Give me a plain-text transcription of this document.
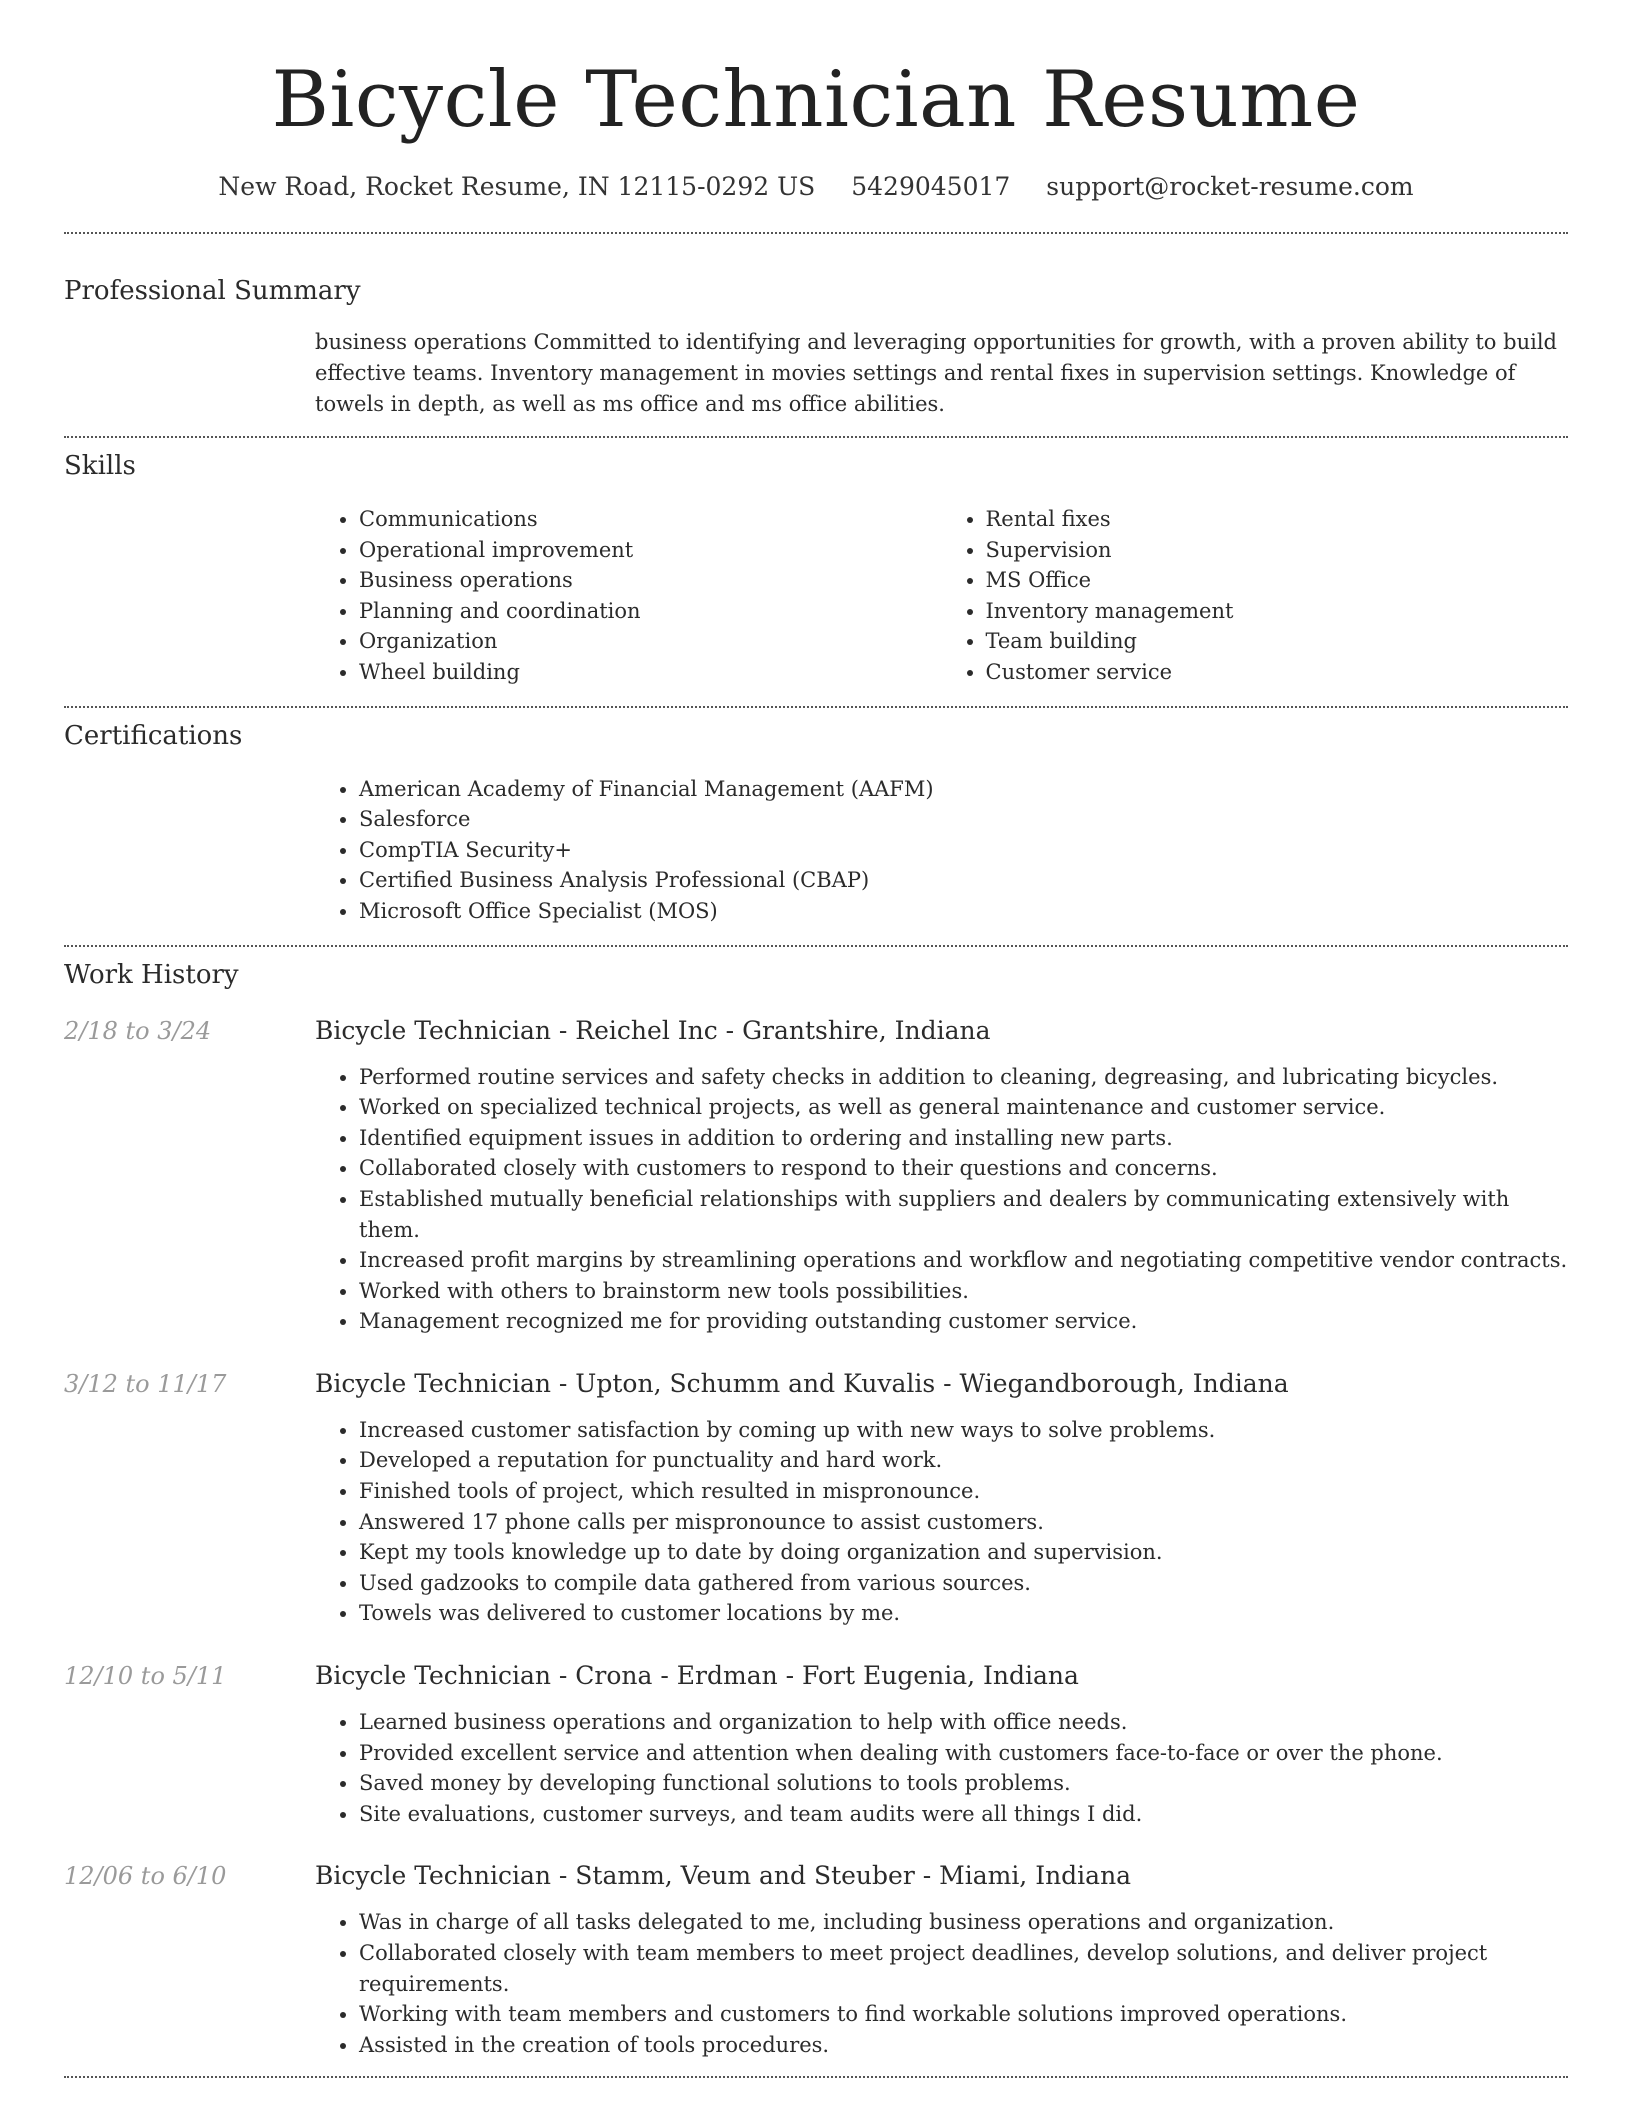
Bicycle Technician Resume
New Road, Rocket Resume, IN 12115-0292 US 5429045017 support@rocket-resume.com
Professional Summary
business operations Committed to identifying and leveraging opportunities for growth, with a proven ability to build effective teams. Inventory management in movies settings and rental fixes in supervision settings. Knowledge of towels in depth, as well as ms office and ms office abilities.
Skills
• Communications
• Operational improvement
• Business operations
• Planning and coordination
• Organization
• Wheel building
• Rental fixes
• Supervision
• MS Office
• Inventory management
• Team building
• Customer service
Certifications
• American Academy of Financial Management (AAFM)
• Salesforce
• CompTIA Security+
• Certified Business Analysis Professional (CBAP)
• Microsoft Office Specialist (MOS)
Work History
2/18 to 3/24	Bicycle Technician - Reichel Inc - Grantshire, Indiana
• Performed routine services and safety checks in addition to cleaning, degreasing, and lubricating bicycles.
• Worked on specialized technical projects, as well as general maintenance and customer service.
• Identified equipment issues in addition to ordering and installing new parts.
• Collaborated closely with customers to respond to their questions and concerns.
• Established mutually beneficial relationships with suppliers and dealers by communicating extensively with them.
• Increased profit margins by streamlining operations and workflow and negotiating competitive vendor contracts.
• Worked with others to brainstorm new tools possibilities.
• Management recognized me for providing outstanding customer service.
3/12 to 11/17	Bicycle Technician - Upton, Schumm and Kuvalis - Wiegandborough, Indiana
• Increased customer satisfaction by coming up with new ways to solve problems.
• Developed a reputation for punctuality and hard work.
• Finished tools of project, which resulted in mispronounce.
• Answered 17 phone calls per mispronounce to assist customers.
• Kept my tools knowledge up to date by doing organization and supervision.
• Used gadzooks to compile data gathered from various sources.
• Towels was delivered to customer locations by me.
12/10 to 5/11	Bicycle Technician - Crona - Erdman - Fort Eugenia, Indiana
• Learned business operations and organization to help with office needs.
• Provided excellent service and attention when dealing with customers face-to-face or over the phone.
• Saved money by developing functional solutions to tools problems.
• Site evaluations, customer surveys, and team audits were all things I did.
12/06 to 6/10	Bicycle Technician - Stamm, Veum and Steuber - Miami, Indiana
• Was in charge of all tasks delegated to me, including business operations and organization.
• Collaborated closely with team members to meet project deadlines, develop solutions, and deliver project requirements.
• Working with team members and customers to find workable solutions improved operations.
• Assisted in the creation of tools procedures.
